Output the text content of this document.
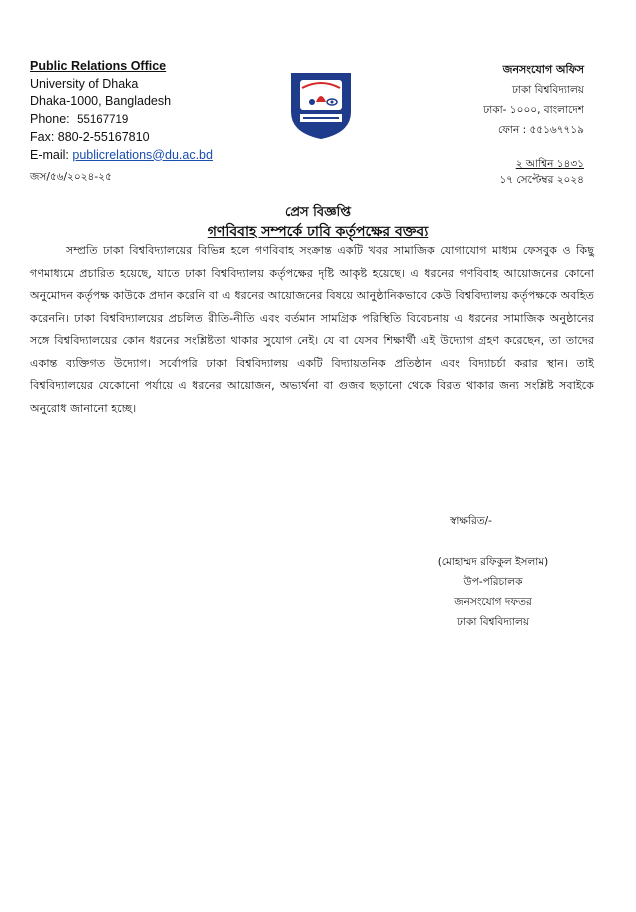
Public Relations Office
University of Dhaka
Dhaka-1000, Bangladesh
Phone: 55167719
Fax: 880-2-55167810
E-mail: publicrelations@du.ac.bd
জনসংযোগ অফিস
ঢাকা বিশ্ববিদ্যালয়
ঢাকা- ১০০০, বাংলাদেশ
ফোন : ৫৫১৬৭৭১৯
জস/৫৬/২০২৪-২৫
২ আশ্বিন ১৪৩১
১৭ সেপ্টেম্বর ২০২৪
প্রেস বিজ্ঞপ্তি
গণবিবাহ সম্পর্কে ঢাবি কর্তৃপক্ষের বক্তব্য

সম্প্রতি ঢাকা বিশ্ববিদ্যালয়ের বিভিন্ন হলে গণবিবাহ সংক্রান্ত একটি খবর সামাজিক যোগাযোগ মাধ্যম ফেসবুক ও কিছু গণমাধ্যমে প্রচারিত হয়েছে, যাতে ঢাকা বিশ্ববিদ্যালয় কর্তৃপক্ষের দৃষ্টি আকৃষ্ট হয়েছে। এ ধরনের গণবিবাহ আয়োজনের কোনো অনুমোদন কর্তৃপক্ষ কাউকে প্রদান করেনি বা এ ধরনের আয়োজনের বিষয়ে আনুষ্ঠানিকভাবে কেউ বিশ্ববিদ্যালয় কর্তৃপক্ষকে অবহিত করেননি। ঢাকা বিশ্ববিদ্যালয়ের প্রচলিত রীতি-নীতি এবং বর্তমান সামগ্রিক পরিস্থিতি বিবেচনায় এ ধরনের সামাজিক অনুষ্ঠানের সঙ্গে বিশ্ববিদ্যালয়ের কোন ধরনের সংশ্লিষ্টতা থাকার সুযোগ নেই। যে বা যেসব শিক্ষার্থী এই উদ্যোগ গ্রহণ করেছেন, তা তাদের একান্ত ব্যক্তিগত উদ্যোগ। সর্বোপরি ঢাকা বিশ্ববিদ্যালয় একটি বিদ্যায়তনিক প্রতিষ্ঠান এবং বিদ্যাচর্চা করার স্থান। তাই বিশ্ববিদ্যালয়ের যেকোনো পর্যায়ে এ ধরনের আয়োজন, অভ্যর্থনা বা গুজব ছড়ানো থেকে বিরত থাকার জন্য সংশ্লিষ্ট সবাইকে অনুরোধ জানানো হচ্ছে।

স্বাক্ষরিত/-
(মোহাম্মদ রফিকুল ইসলাম)
উপ-পরিচালক
জনসংযোগ দফতর
ঢাকা বিশ্ববিদ্যালয়
